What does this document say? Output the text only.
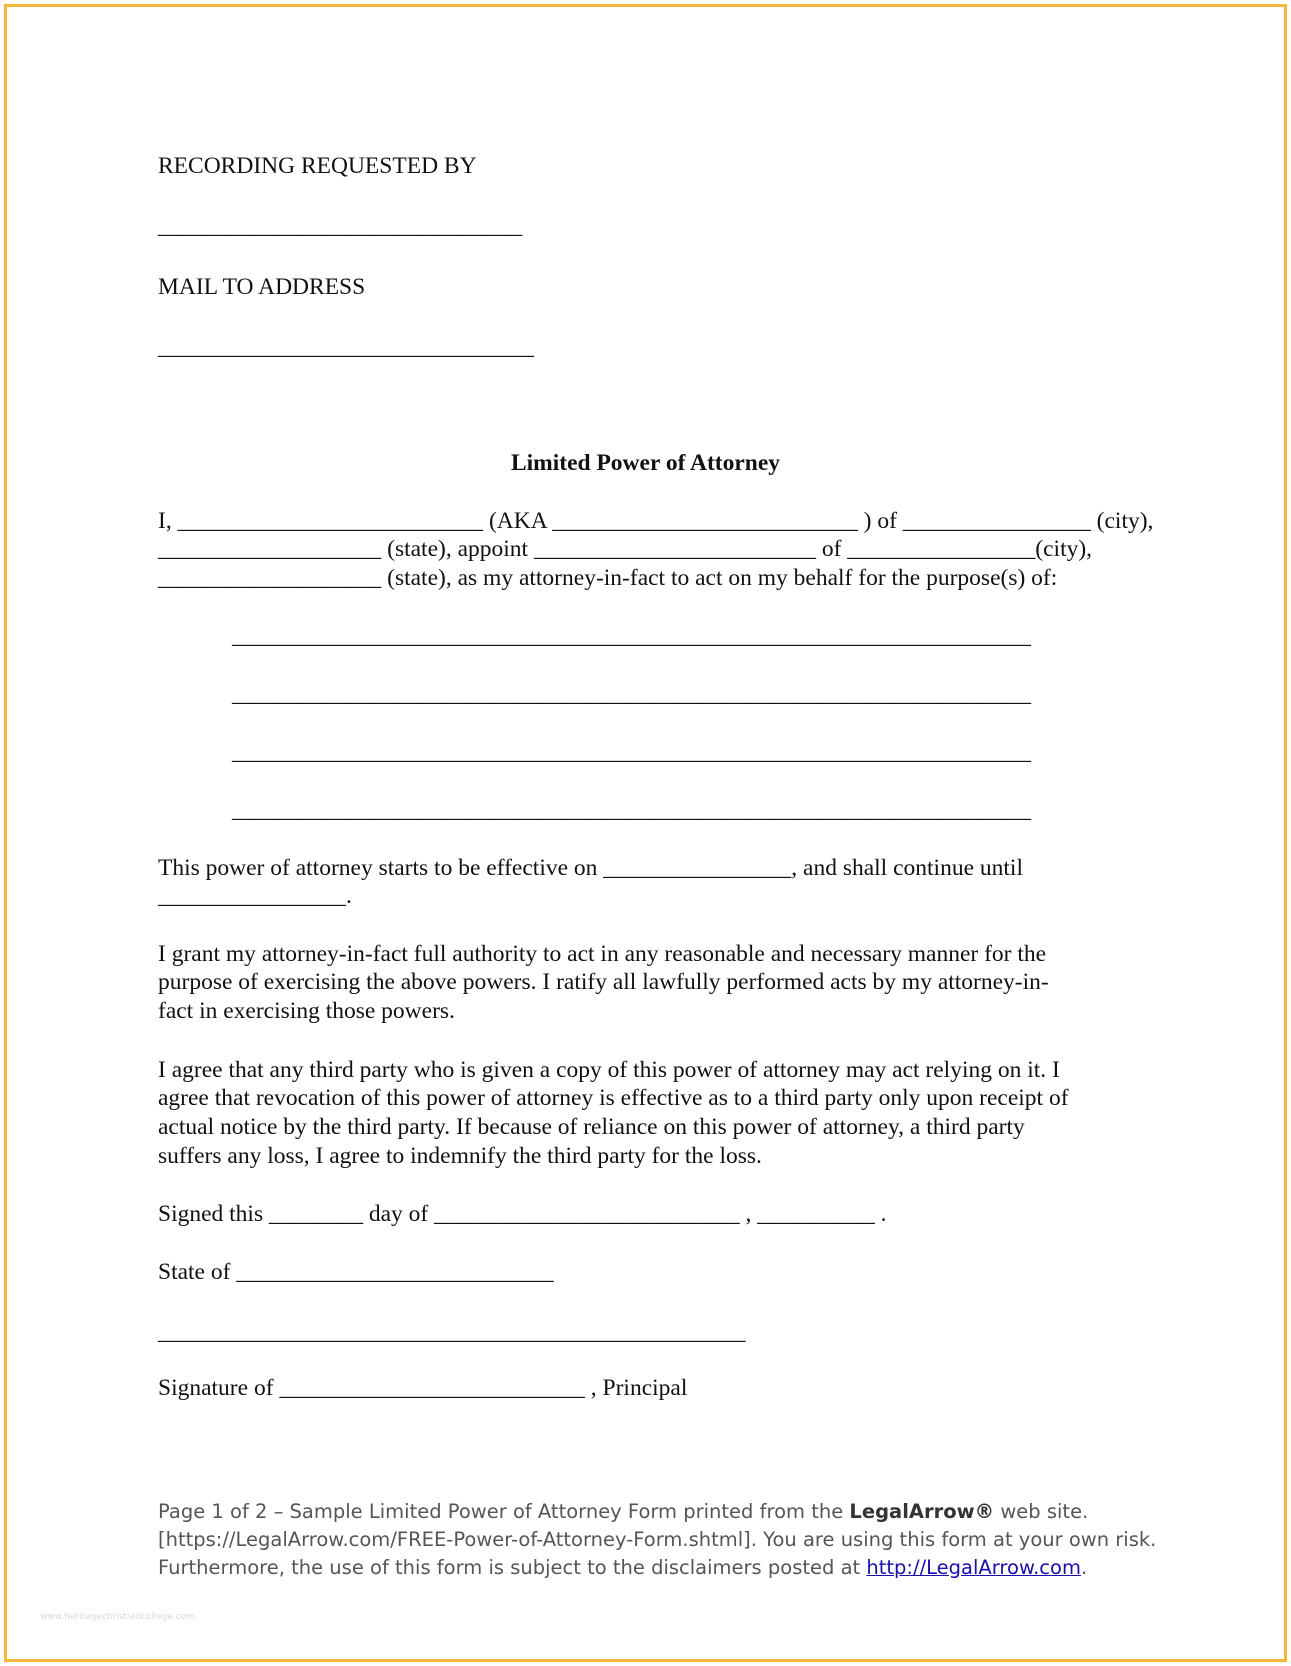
RECORDING REQUESTED BY

_______________________________

MAIL TO ADDRESS

________________________________

Limited Power of Attorney

I, __________________________ (AKA __________________________ ) of ________________ (city),

___________________ (state), appoint ________________________ of ________________(city),

___________________ (state), as my attorney-in-fact to act on my behalf for the purpose(s) of:

____________________________________________________________________

____________________________________________________________________

____________________________________________________________________

____________________________________________________________________

This power of attorney starts to be effective on ________________, and shall continue until

________________.

I grant my attorney-in-fact full authority to act in any reasonable and necessary manner for the

purpose of exercising the above powers. I ratify all lawfully performed acts by my attorney-in-

fact in exercising those powers.

I agree that any third party who is given a copy of this power of attorney may act relying on it. I

agree that revocation of this power of attorney is effective as to a third party only upon receipt of

actual notice by the third party. If because of reliance on this power of attorney, a third party

suffers any loss, I agree to indemnify the third party for the loss.

Signed this ________ day of __________________________ , __________ .

State of ___________________________

__________________________________________________

Signature of __________________________ , Principal

Page 1 of 2 – Sample Limited Power of Attorney Form printed from the LegalArrow® web site.

[https://LegalArrow.com/FREE-Power-of-Attorney-Form.shtml]. You are using this form at your own risk.

Furthermore, the use of this form is subject to the disclaimers posted at http://LegalArrow.com.

www.heritagechristiancollege.com
